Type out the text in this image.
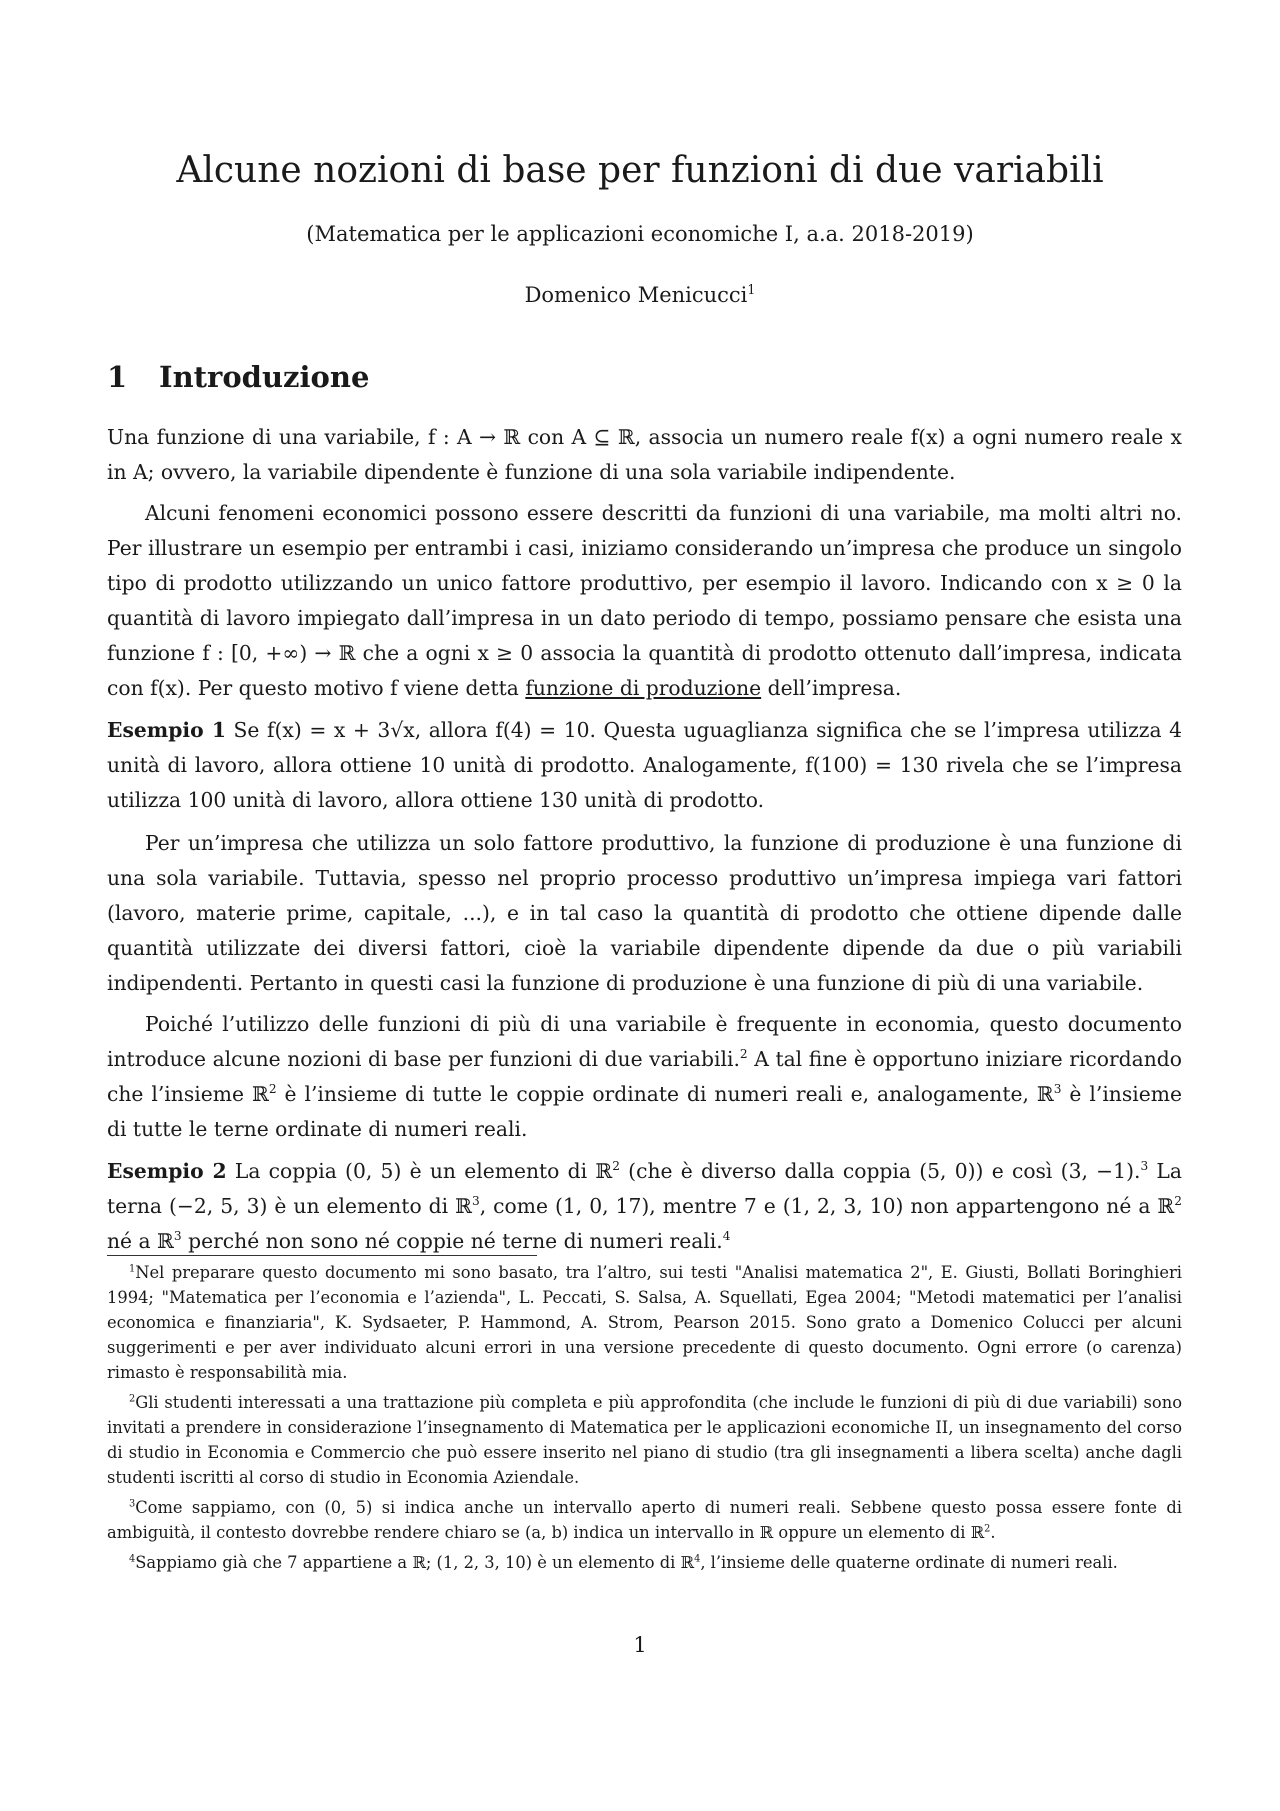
Alcune nozioni di base per funzioni di due variabili
(Matematica per le applicazioni economiche I, a.a. 2018-2019)
Domenico Menicucci$^1$
1 Introduzione

Una funzione di una variabile, f : A → ℝ con A ⊆ ℝ, associa un numero reale f(x) a ogni numero reale x in A; ovvero, la variabile dipendente è funzione di una sola variabile indipendente.

Alcuni fenomeni economici possono essere descritti da funzioni di una variabile, ma molti altri no. Per illustrare un esempio per entrambi i casi, iniziamo considerando un’impresa che produce un singolo tipo di prodotto utilizzando un unico fattore produttivo, per esempio il lavoro. Indicando con x ≥ 0 la quantità di lavoro impiegato dall’impresa in un dato periodo di tempo, possiamo pensare che esista una funzione f : [0, +∞) → ℝ che a ogni x ≥ 0 associa la quantità di prodotto ottenuto dall’impresa, indicata con f(x). Per questo motivo f viene detta funzione di produzione dell’impresa.

Esempio 1 Se f(x) = x + 3√x, allora f(4) = 10. Questa uguaglianza significa che se l’impresa utilizza 4 unità di lavoro, allora ottiene 10 unità di prodotto. Analogamente, f(100) = 130 rivela che se l’impresa utilizza 100 unità di lavoro, allora ottiene 130 unità di prodotto.

Per un’impresa che utilizza un solo fattore produttivo, la funzione di produzione è una funzione di una sola variabile. Tuttavia, spesso nel proprio processo produttivo un’impresa impiega vari fattori (lavoro, materie prime, capitale, ...), e in tal caso la quantità di prodotto che ottiene dipende dalle quantità utilizzate dei diversi fattori, cioè la variabile dipendente dipende da due o più variabili indipendenti. Pertanto in questi casi la funzione di produzione è una funzione di più di una variabile.

Poiché l’utilizzo delle funzioni di più di una variabile è frequente in economia, questo documento introduce alcune nozioni di base per funzioni di due variabili.$^2$ A tal fine è opportuno iniziare ricordando che l’insieme ℝ$^2$ è l’insieme di tutte le coppie ordinate di numeri reali e, analogamente, ℝ$^3$ è l’insieme di tutte le terne ordinate di numeri reali.

Esempio 2 La coppia (0, 5) è un elemento di ℝ$^2$ (che è diverso dalla coppia (5, 0)) e così (3, −1).$^3$ La terna (−2, 5, 3) è un elemento di ℝ$^3$, come (1, 0, 17), mentre 7 e (1, 2, 3, 10) non appartengono né a ℝ$^2$ né a ℝ$^3$ perché non sono né coppie né terne di numeri reali.$^4$

$^1$Nel preparare questo documento mi sono basato, tra l’altro, sui testi "Analisi matematica 2", E. Giusti, Bollati Boringhieri 1994; "Matematica per l’economia e l’azienda", L. Peccati, S. Salsa, A. Squellati, Egea 2004; "Metodi matematici per l’analisi economica e finanziaria", K. Sydsaeter, P. Hammond, A. Strom, Pearson 2015. Sono grato a Domenico Colucci per alcuni suggerimenti e per aver individuato alcuni errori in una versione precedente di questo documento. Ogni errore (o carenza) rimasto è responsabilità mia.

$^2$Gli studenti interessati a una trattazione più completa e più approfondita (che include le funzioni di più di due variabili) sono invitati a prendere in considerazione l’insegnamento di Matematica per le applicazioni economiche II, un insegnamento del corso di studio in Economia e Commercio che può essere inserito nel piano di studio (tra gli insegnamenti a libera scelta) anche dagli studenti iscritti al corso di studio in Economia Aziendale.

$^3$Come sappiamo, con (0, 5) si indica anche un intervallo aperto di numeri reali. Sebbene questo possa essere fonte di ambiguità, il contesto dovrebbe rendere chiaro se (a, b) indica un intervallo in ℝ oppure un elemento di ℝ$^2$.

$^4$Sappiamo già che 7 appartiene a ℝ; (1, 2, 3, 10) è un elemento di ℝ$^4$, l’insieme delle quaterne ordinate di numeri reali.

1
